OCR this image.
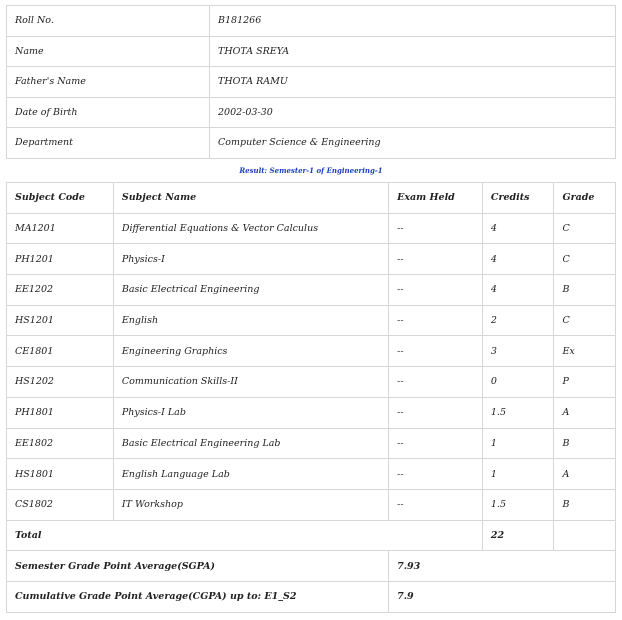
Roll No.	B181266
Name	THOTA SREYA
Father's Name	THOTA RAMU
Date of Birth	2002-03-30
Department	Computer Science & Engineering
Result: Semester-1 of Engineering-1
Subject Code	Subject Name	Exam Held	Credits	Grade
MA1201	Differential Equations & Vector Calculus	--	4	C
PH1201	Physics-I	--	4	C
EE1202	Basic Electrical Engineering	--	4	B
HS1201	English	--	2	C
CE1801	Engineering Graphics	--	3	Ex
HS1202	Communication Skills-II	--	0	P
PH1801	Physics-I Lab	--	1.5	A
EE1802	Basic Electrical Engineering Lab	--	1	B
HS1801	English Language Lab	--	1	A
CS1802	IT Workshop	--	1.5	B
Total			22	
Semester Grade Point Average(SGPA)		7.93		
Cumulative Grade Point Average(CGPA) up to: E1_S2		7.9		
